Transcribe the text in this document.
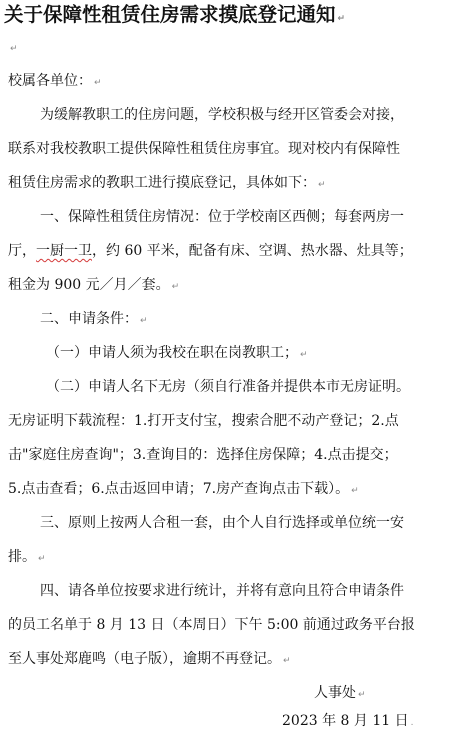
关于保障性租赁住房需求摸底登记通知 ↵
↵
校属各单位： ↵
为缓解教职工的住房问题，学校积极与经开区管委会对接，
联系对我校教职工提供保障性租赁住房事宜。现对校内有保障性
租赁住房需求的教职工进行摸底登记，具体如下： ↵
一、保障性租赁住房情况：位于学校南区西侧；每套两房一
厅，一厨一卫，约 60 平米，配备有床、空调、热水器、灶具等；
租金为 900 元／月／套。 ↵
二、申请条件： ↵
（一）申请人须为我校在职在岗教职工； ↵
（二）申请人名下无房（须自行准备并提供本市无房证明。
无房证明下载流程：1.打开支付宝，搜索合肥不动产登记；2.点
击"家庭住房查询"；3.查询目的：选择住房保障；4.点击提交；
5.点击查看；6.点击返回申请；7.房产查询点击下载）。 ↵
三、原则上按两人合租一套，由个人自行选择或单位统一安
排。 ↵
四、请各单位按要求进行统计，并将有意向且符合申请条件
的员工名单于 8 月 13 日（本周日）下午 5:00 前通过政务平台报
至人事处郑鹿鸣（电子版），逾期不再登记。 ↵
人事处 ↵
2023 年 8 月 11 日 .
